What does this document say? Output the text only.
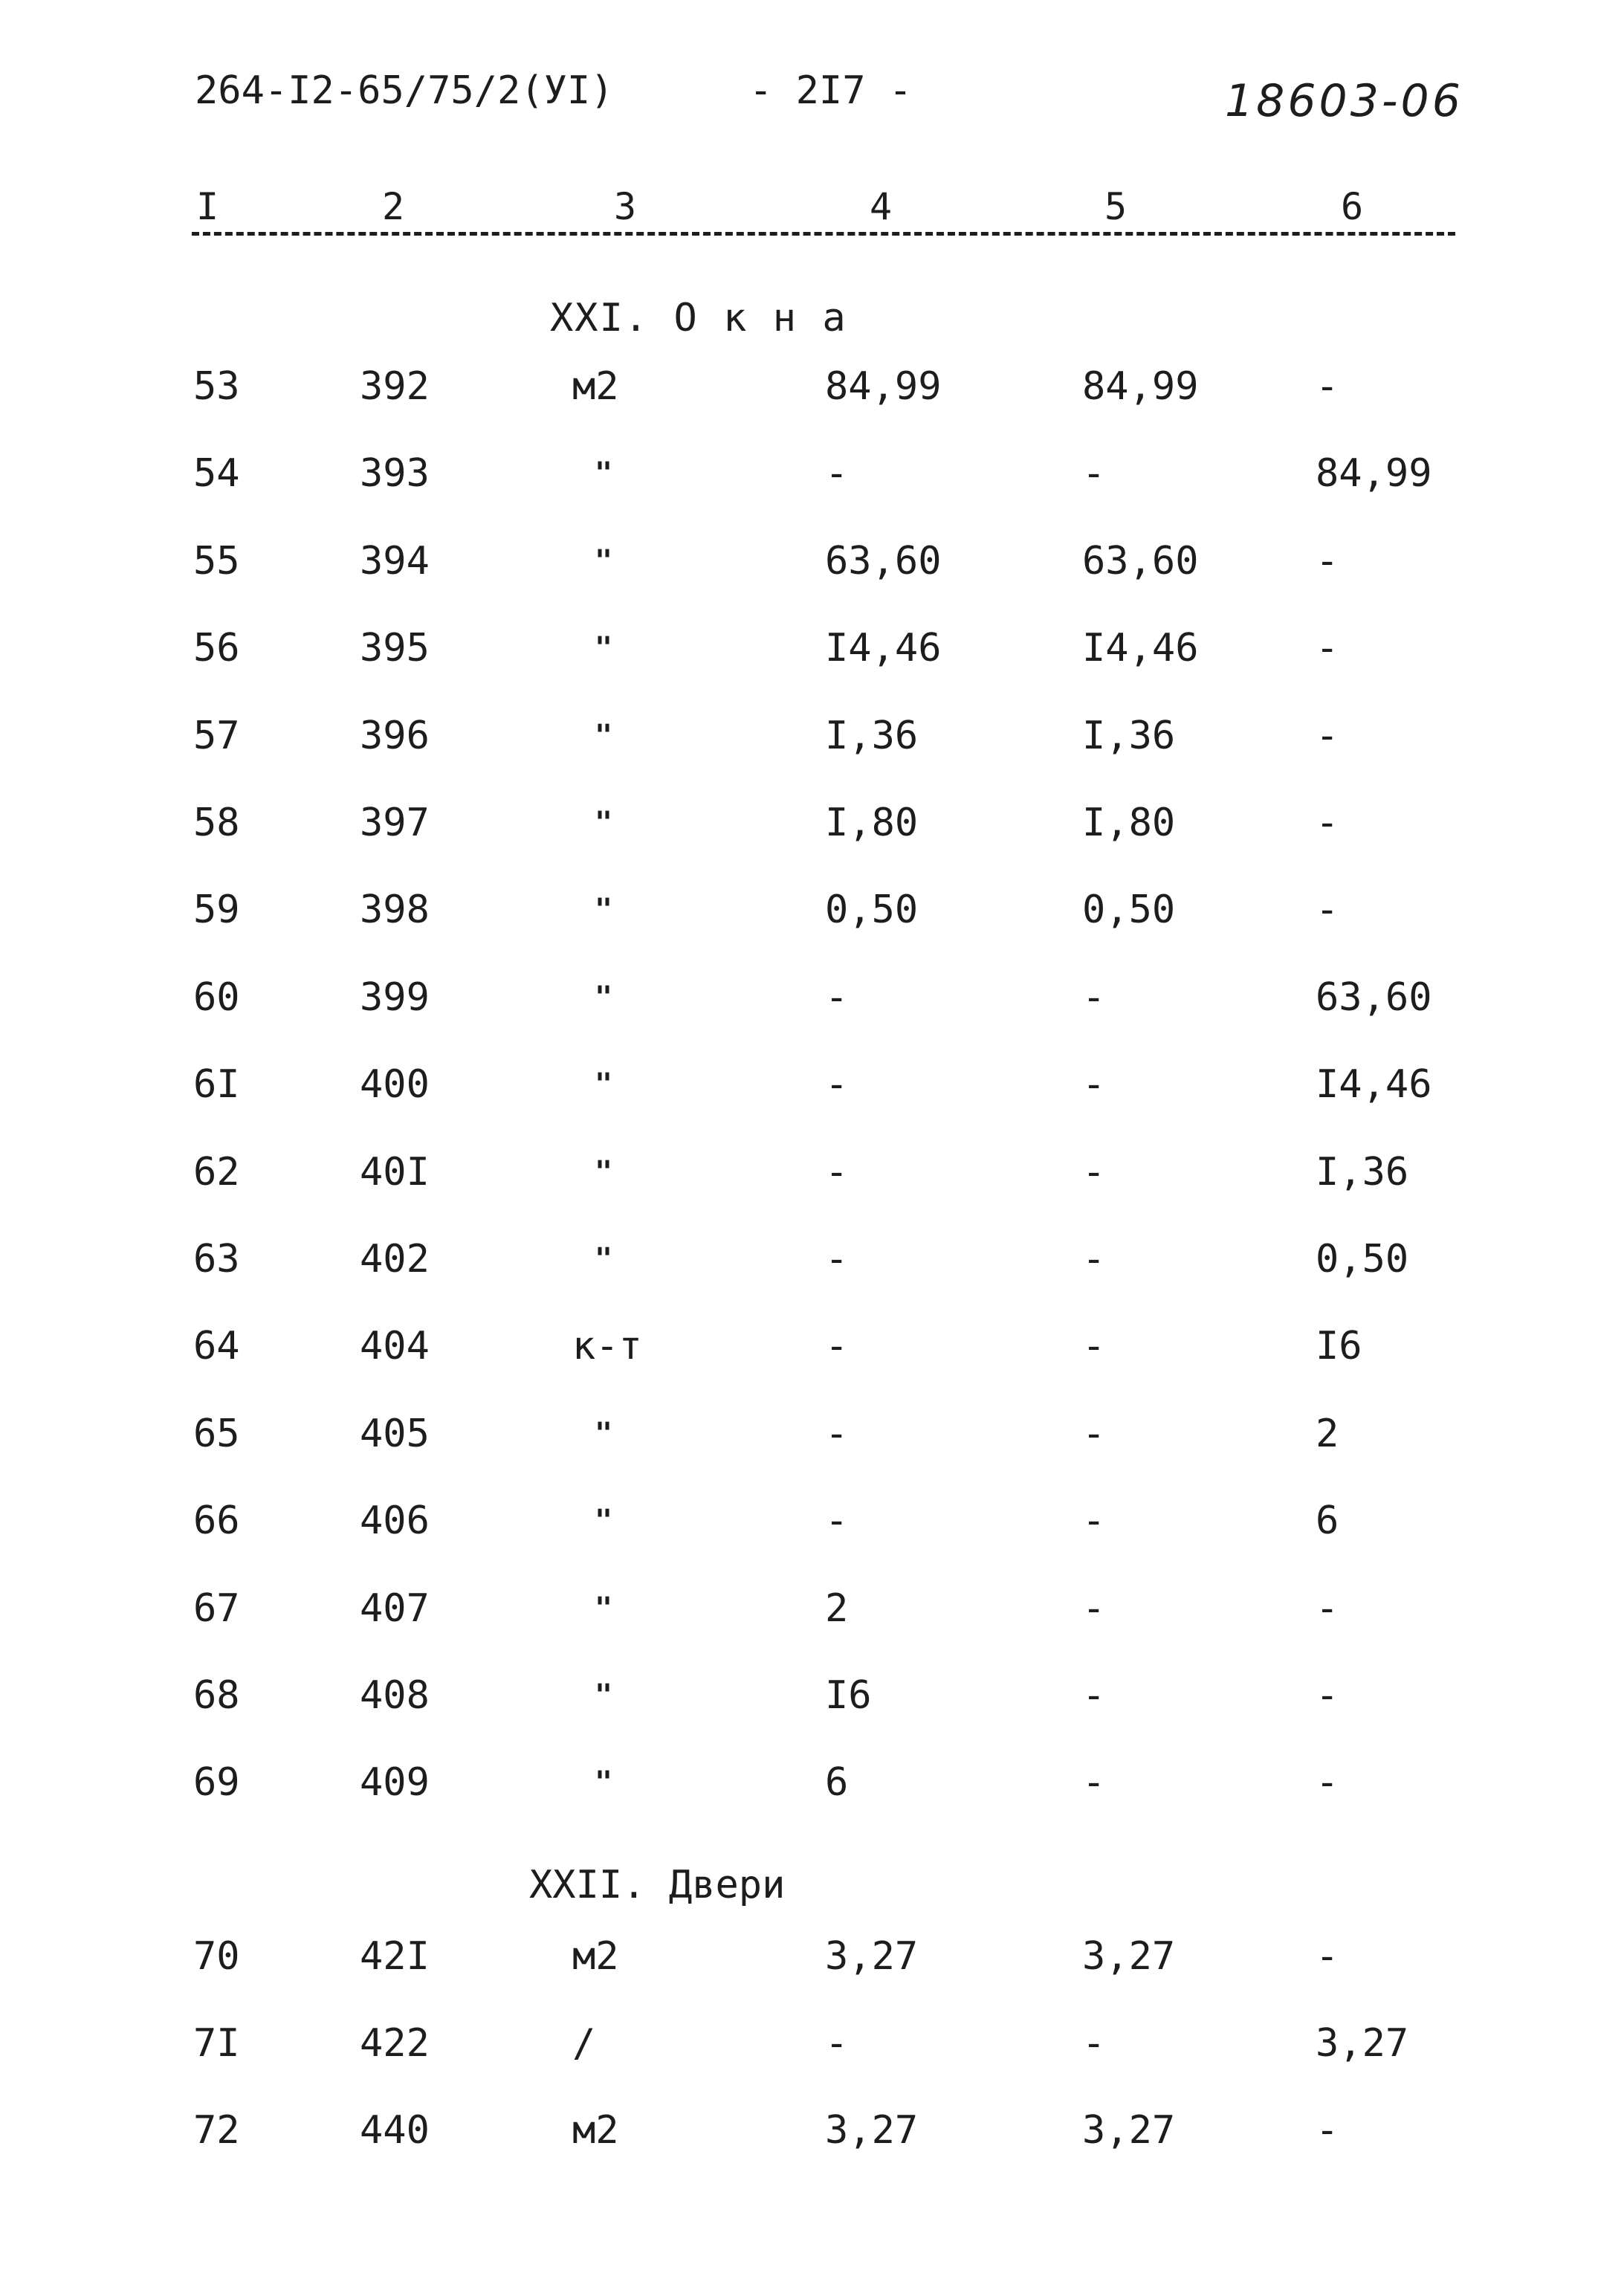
264-I2-65/75/2(УI)	- 2I7 -	18603-06
I	2	3	4	5	6
XXI. О к н а
53	392	м2	84,99	84,99	-
54	393	"	-	-	84,99
55	394	"	63,60	63,60	-
56	395	"	I4,46	I4,46	-
57	396	"	I,36	I,36	-
58	397	"	I,80	I,80	-
59	398	"	0,50	0,50	-
60	399	"	-	-	63,60
6I	400	"	-	-	I4,46
62	40I	"	-	-	I,36
63	402	"	-	-	0,50
64	404	к-т	-	-	I6
65	405	"	-	-	2
66	406	"	-	-	6
67	407	"	2	-	-
68	408	"	I6	-	-
69	409	"	6	-	-
XXII. Двери
70	42I	м2	3,27	3,27	-
7I	422	/	-	-	3,27
72	440	м2	3,27	3,27	-
